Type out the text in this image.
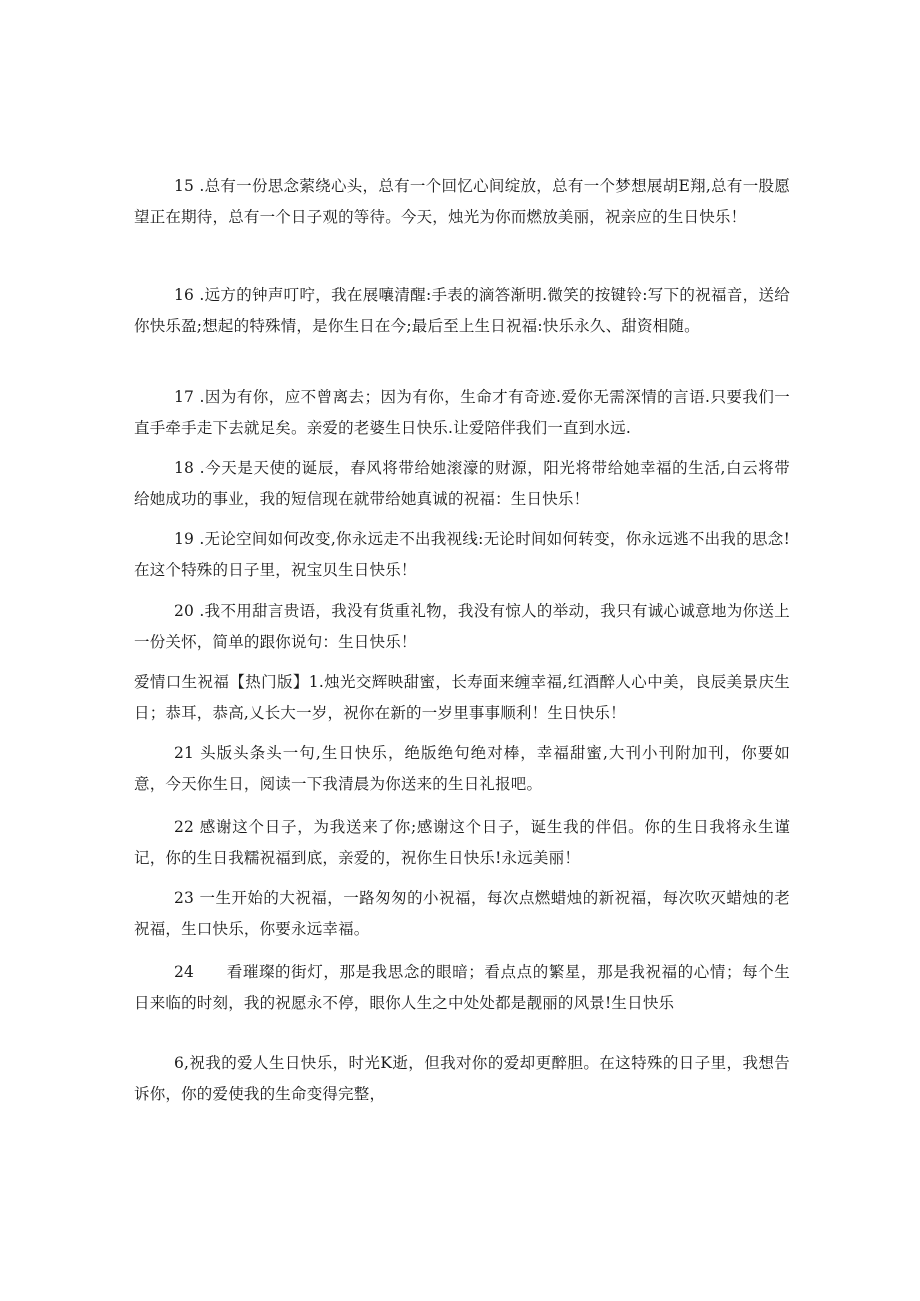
15 .总有一份思念萦绕心头，总有一个回忆心间绽放，总有一个梦想展胡E翔,总有一股愿望正在期待，总有一个日子观的等待。今天，烛光为你而燃放美丽，祝亲应的生日快乐！

16 .远方的钟声叮咛，我在展嚷清醒:手表的滴答渐明.微笑的按键铃:写下的祝福音，送给你快乐盈;想起的特殊情，是你生日在今;最后至上生日祝福:快乐永久、甜资相随。

17 .因为有你，应不曾离去；因为有你，生命才有奇迹.爱你无需深情的言语.只要我们一直手牵手走下去就足矣。亲爱的老婆生日快乐.让爱陪伴我们一直到水远.

18 .今天是天使的诞辰，春风将带给她滚濠的财源，阳光将带给她幸福的生活,白云将带给她成功的事业，我的短信现在就带给她真诚的祝福：生日快乐！

19 .无论空间如何改变,你永远走不出我视线:无论时间如何转变，你永远逃不出我的思念!在这个特殊的日子里，祝宝贝生日快乐！

20 .我不用甜言贵语，我没有货重礼物，我没有惊人的举动，我只有诚心诚意地为你送上一份关怀，简单的跟你说句：生日快乐！

爱情口生祝福【热门版】1.烛光交辉映甜蜜，长寿面来缠幸福,红酒醉人心中美，良辰美景庆生日；恭耳，恭高,乂长大一岁，祝你在新的一岁里事事顺利！生日快乐！

21 头版头条头一句,生日快乐，绝版绝句绝对棒，幸福甜蜜,大刊小刊附加刊，你要如意，今天你生日，阅读一下我清晨为你送来的生日礼报吧。

22 感谢这个日子，为我送来了你;感谢这个日子，诞生我的伴侣。你的生日我将永生谨记，你的生日我糯祝福到底，亲爱的，祝你生日快乐!永远美丽！

23 一生开始的大祝福，一路匆匆的小祝福，每次点燃蜡烛的新祝福，每次吹灭蜡烛的老祝福，生口快乐，你要永远幸福。

24　　看璀璨的街灯，那是我思念的眼暗；看点点的繁星，那是我祝福的心情；每个生日来临的时刻，我的祝愿永不停，眼你人生之中处处都是靓丽的风景!生日快乐

6,祝我的爱人生日快乐，时光K逝，但我对你的爱却更醉胆。在这特殊的日子里，我想告诉你，你的爱使我的生命变得完整，
